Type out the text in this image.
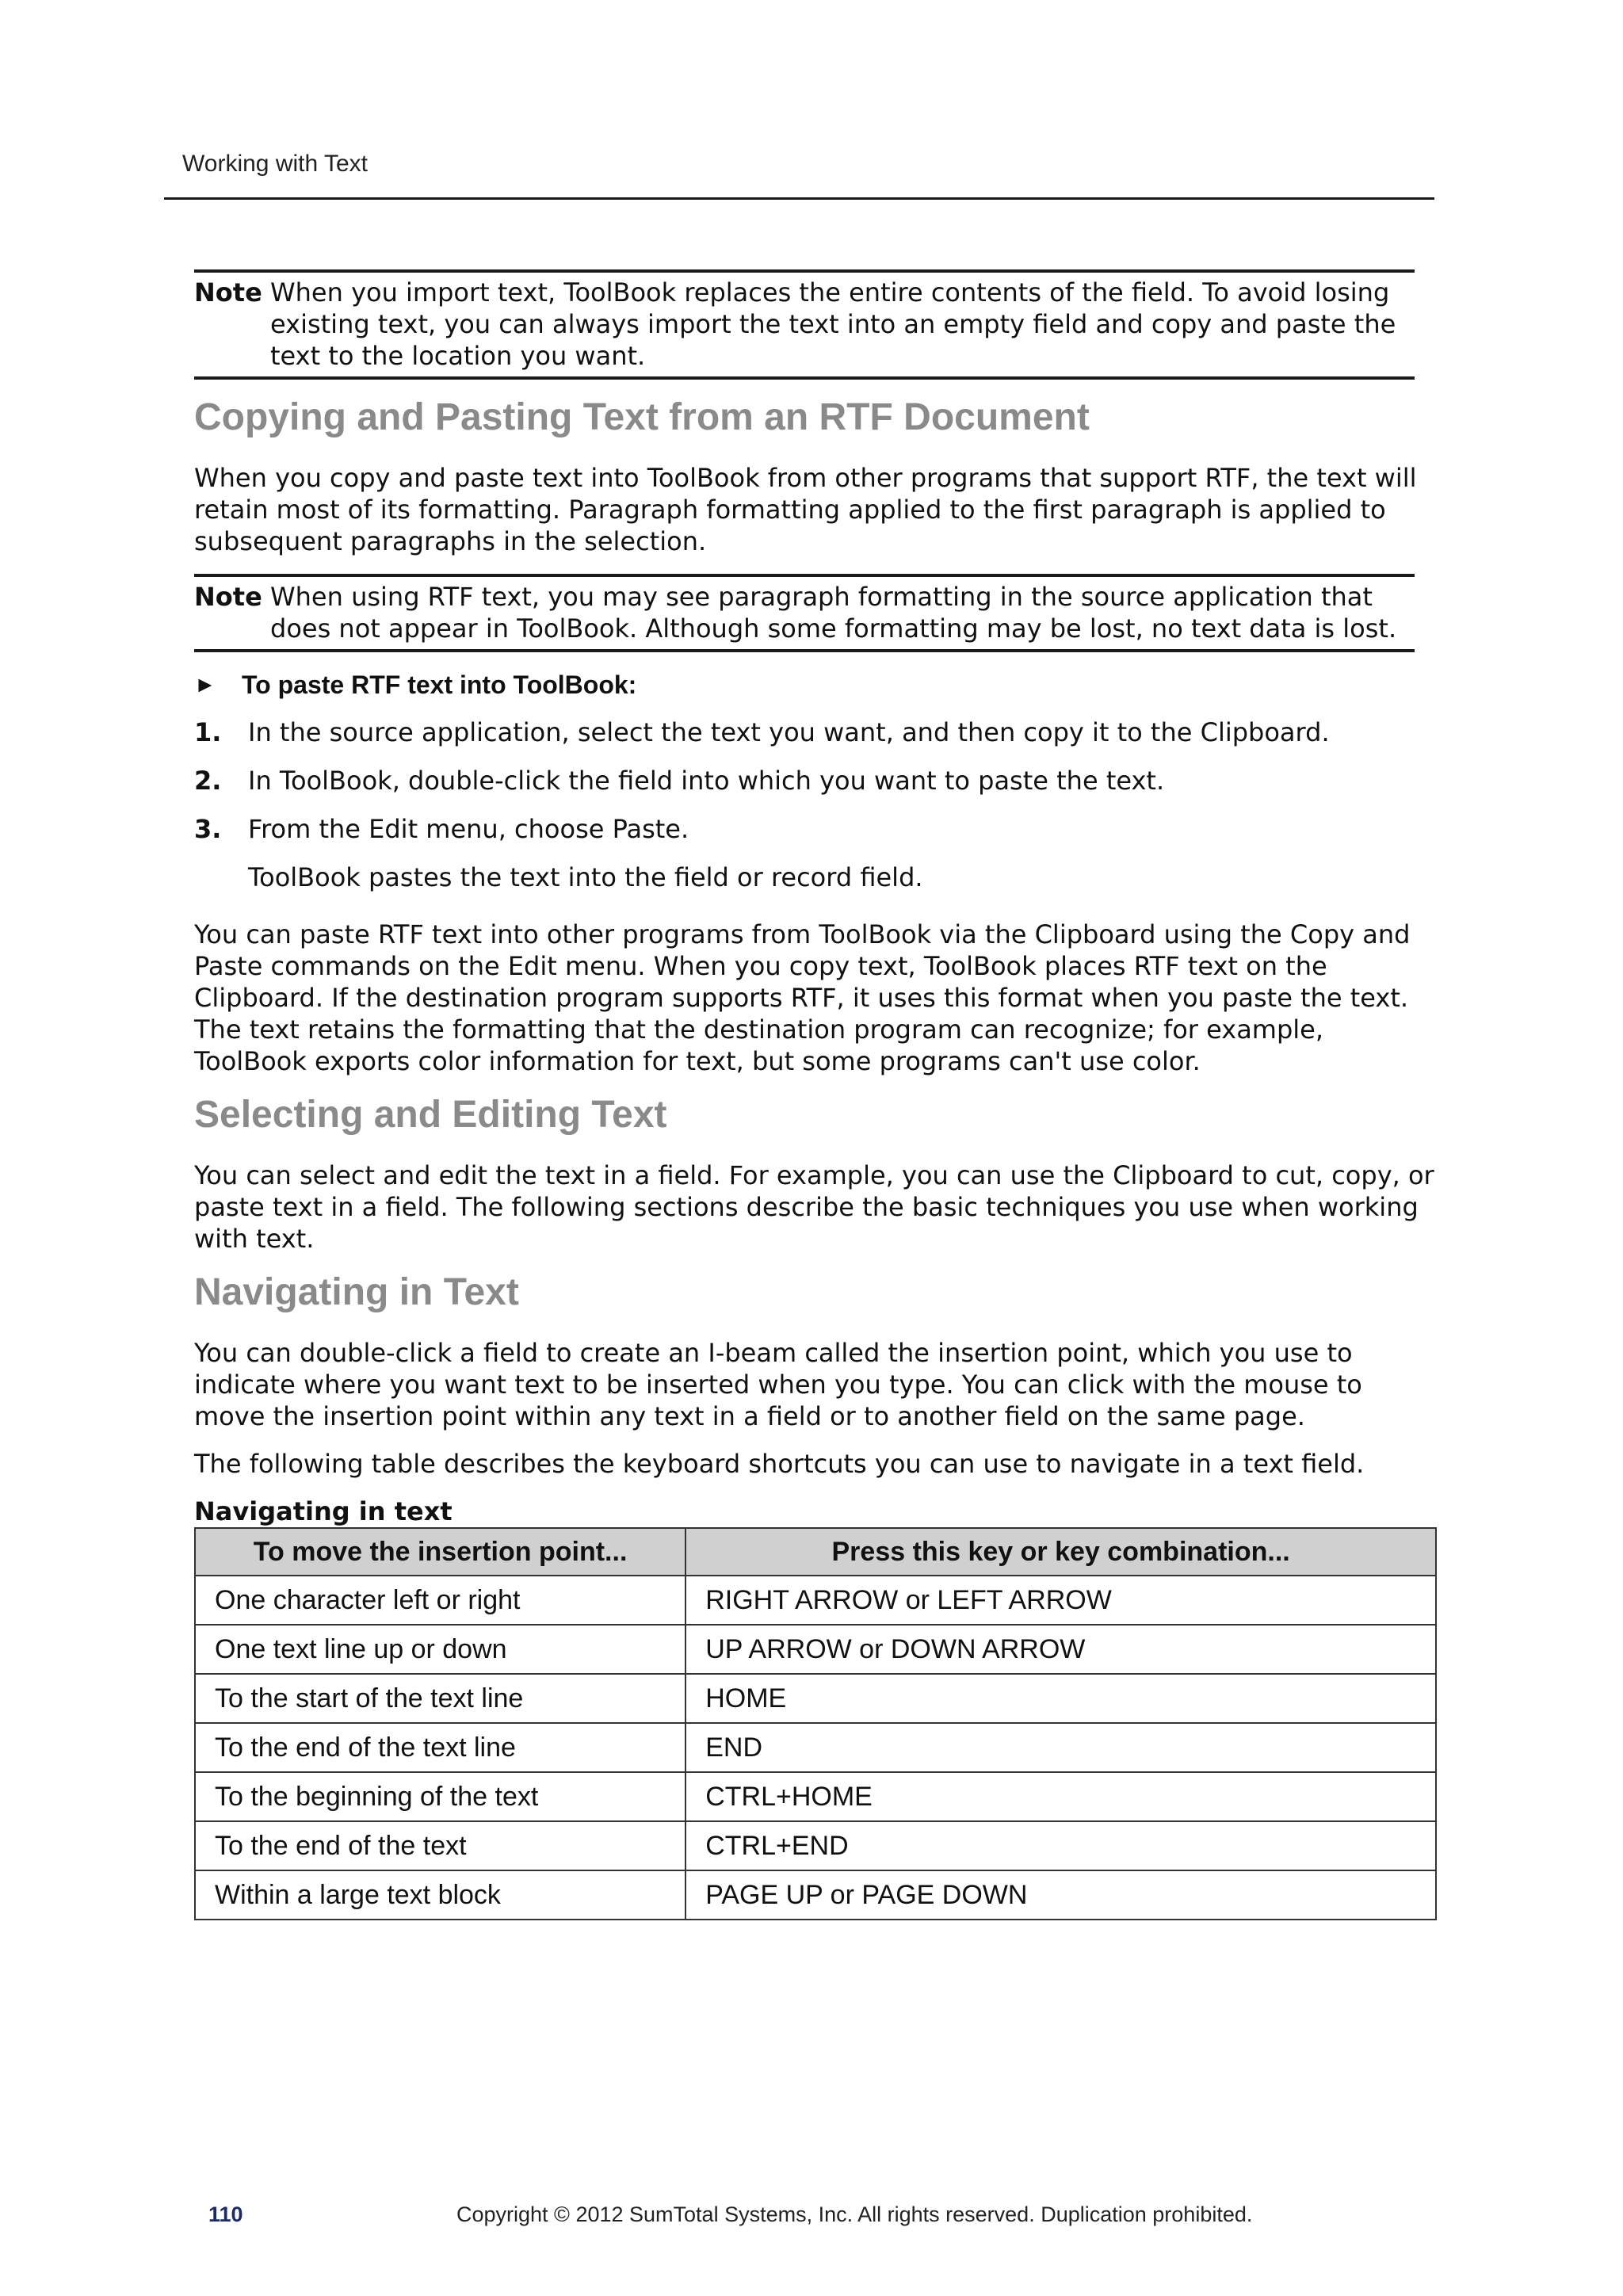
Working with Text
Note When you import text, ToolBook replaces the entire contents of the field. To avoid losing existing text, you can always import the text into an empty field and copy and paste the text to the location you want.
Copying and Pasting Text from an RTF Document

When you copy and paste text into ToolBook from other programs that support RTF, the text will retain most of its formatting. Paragraph formatting applied to the first paragraph is applied to subsequent paragraphs in the selection.

Note When using RTF text, you may see paragraph formatting in the source application that does not appear in ToolBook. Although some formatting may be lost, no text data is lost.
►	To paste RTF text into ToolBook:
1.	In the source application, select the text you want, and then copy it to the Clipboard.
2.	In ToolBook, double-click the field into which you want to paste the text.
3.	From the Edit menu, choose Paste.

ToolBook pastes the text into the field or record field.

You can paste RTF text into other programs from ToolBook via the Clipboard using the Copy and Paste commands on the Edit menu. When you copy text, ToolBook places RTF text on the Clipboard. If the destination program supports RTF, it uses this format when you paste the text. The text retains the formatting that the destination program can recognize; for example, ToolBook exports color information for text, but some programs can't use color.

Selecting and Editing Text

You can select and edit the text in a field. For example, you can use the Clipboard to cut, copy, or paste text in a field. The following sections describe the basic techniques you use when working with text.

Navigating in Text

You can double-click a field to create an I-beam called the insertion point, which you use to indicate where you want text to be inserted when you type. You can click with the mouse to move the insertion point within any text in a field or to another field on the same page.

The following table describes the keyboard shortcuts you can use to navigate in a text field.

Navigating in text
To move the insertion point...	Press this key or key combination...
One character left or right	RIGHT ARROW or LEFT ARROW
One text line up or down	UP ARROW or DOWN ARROW
To the start of the text line	HOME
To the end of the text line	END
To the beginning of the text	CTRL+HOME
To the end of the text	CTRL+END
Within a large text block	PAGE UP or PAGE DOWN
110	Copyright © 2012 SumTotal Systems, Inc. All rights reserved. Duplication prohibited.
